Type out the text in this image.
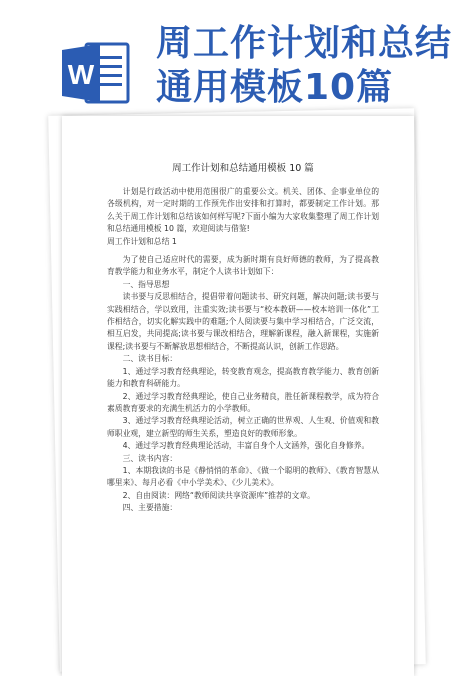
W
周工作计划和总结
通用模板10篇
周工作计划和总结通用模板 10 篇

计划是行政活动中使用范围很广的重要公文。机关、团体、企事业单位的各级机构，对一定时期的工作预先作出安排和打算时，都要制定工作计划。那么关于周工作计划和总结该如何样写呢?下面小编为大家收集整理了周工作计划和总结通用模板 10 篇，欢迎阅读与借鉴!

周工作计划和总结 1

为了使自己适应时代的需要，成为新时期有良好师德的教师，为了提高教育教学能力和业务水平，制定个人读书计划如下：

一、指导思想

读书要与反思相结合，提倡带着问题读书、研究问题，解决问题;读书要与实践相结合，学以致用，注重实效;读书要与“校本教研——校本培训一体化”工作相结合，切实化解实践中的难题;个人阅读要与集中学习相结合，广泛交流，相互启发，共同提高;读书要与课改相结合，理解新课程，融入新课程，实施新课程;读书要与不断解放思想相结合，不断提高认识，创新工作思路。

二、读书目标：

1、通过学习教育经典理论，转变教育观念，提高教育教学能力、教育创新能力和教育科研能力。

2、通过学习教育经典理论，使自己业务精良，胜任新课程教学，成为符合素质教育要求的充满生机活力的小学教师。

3、通过学习教育经典理论活动，树立正确的世界观、人生观、价值观和教师职业观，建立新型的师生关系，塑造良好的教师形象。

4、通过学习教育经典理论活动，丰富自身个人文涵养，强化自身修养。

三、读书内容：

1、本期我读的书是《静悄悄的革命》、《做一个聪明的教师》、《教育智慧从哪里来》、每月必看《中小学美术》、《少儿美术》。

2、自由阅读：网络“教师阅读共享资源库”推荐的文章。

四、主要措施：
